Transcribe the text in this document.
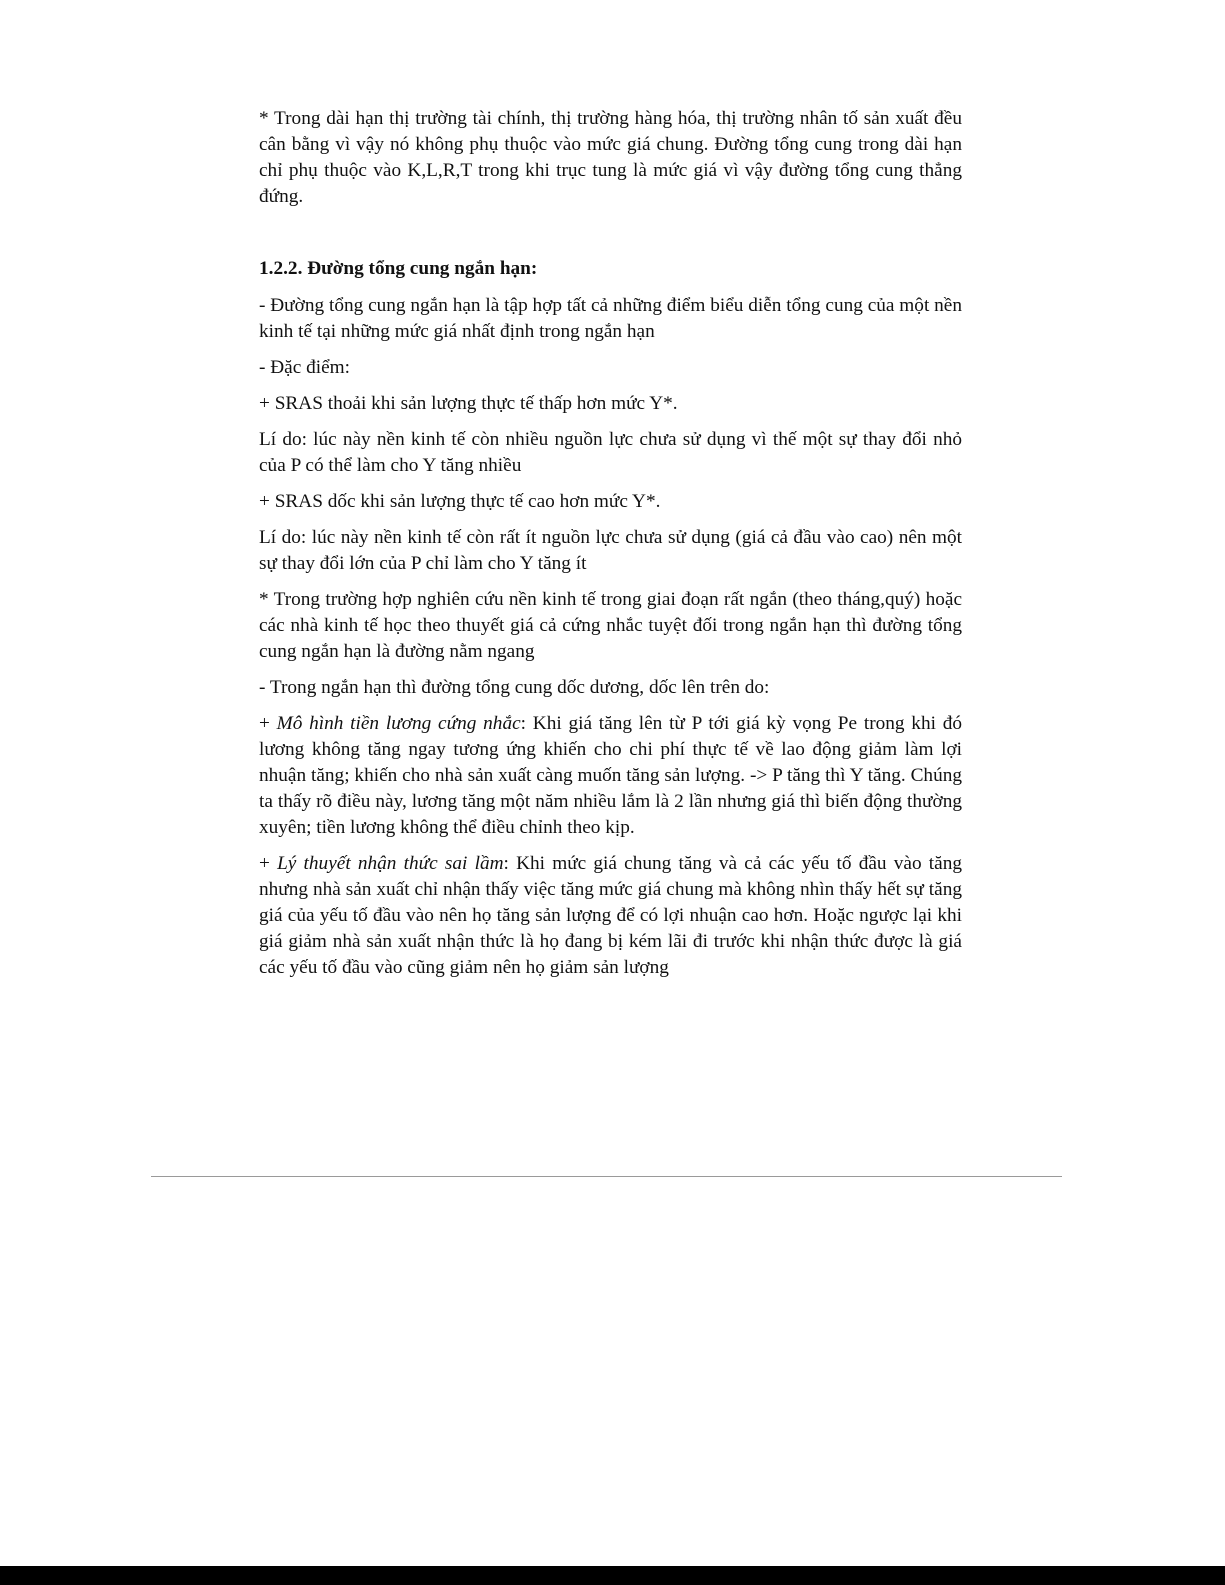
* Trong dài hạn thị trường tài chính, thị trường hàng hóa, thị trường nhân tố sản xuất đều cân bằng vì vậy nó không phụ thuộc vào mức giá chung. Đường tổng cung trong dài hạn chỉ phụ thuộc vào K,L,R,T trong khi trục tung là mức giá vì vậy đường tổng cung thẳng đứng.

1.2.2. Đường tổng cung ngắn hạn:

- Đường tổng cung ngắn hạn là tập hợp tất cả những điểm biểu diễn tổng cung của một nền kinh tế tại những mức giá nhất định trong ngắn hạn

- Đặc điểm:

+ SRAS thoải khi sản lượng thực tế thấp hơn mức Y*.

Lí do: lúc này nền kinh tế còn nhiều nguồn lực chưa sử dụng vì thế một sự thay đổi nhỏ của P có thể làm cho Y tăng nhiều

+ SRAS dốc khi sản lượng thực tế cao hơn mức Y*.

Lí do: lúc này nền kinh tế còn rất ít nguồn lực chưa sử dụng (giá cả đầu vào cao) nên một sự thay đổi lớn của P chỉ làm cho Y tăng ít

* Trong trường hợp nghiên cứu nền kinh tế trong giai đoạn rất ngắn (theo tháng,quý) hoặc các nhà kinh tế học theo thuyết giá cả cứng nhắc tuyệt đối trong ngắn hạn thì đường tổng cung ngắn hạn là đường nằm ngang

- Trong ngắn hạn thì đường tổng cung dốc dương, dốc lên trên do:

+ Mô hình tiền lương cứng nhắc: Khi giá tăng lên từ P tới giá kỳ vọng Pe trong khi đó lương không tăng ngay tương ứng khiến cho chi phí thực tế về lao động giảm làm lợi nhuận tăng; khiến cho nhà sản xuất càng muốn tăng sản lượng. -> P tăng thì Y tăng. Chúng ta thấy rõ điều này, lương tăng một năm nhiều lắm là 2 lần nhưng giá thì biến động thường xuyên; tiền lương không thể điều chỉnh theo kịp.

+ Lý thuyết nhận thức sai lầm: Khi mức giá chung tăng và cả các yếu tố đầu vào tăng nhưng nhà sản xuất chỉ nhận thấy việc tăng mức giá chung mà không nhìn thấy hết sự tăng giá của yếu tố đầu vào nên họ tăng sản lượng để có lợi nhuận cao hơn. Hoặc ngược lại khi giá giảm nhà sản xuất nhận thức là họ đang bị kém lãi đi trước khi nhận thức được là giá các yếu tố đầu vào cũng giảm nên họ giảm sản lượng
